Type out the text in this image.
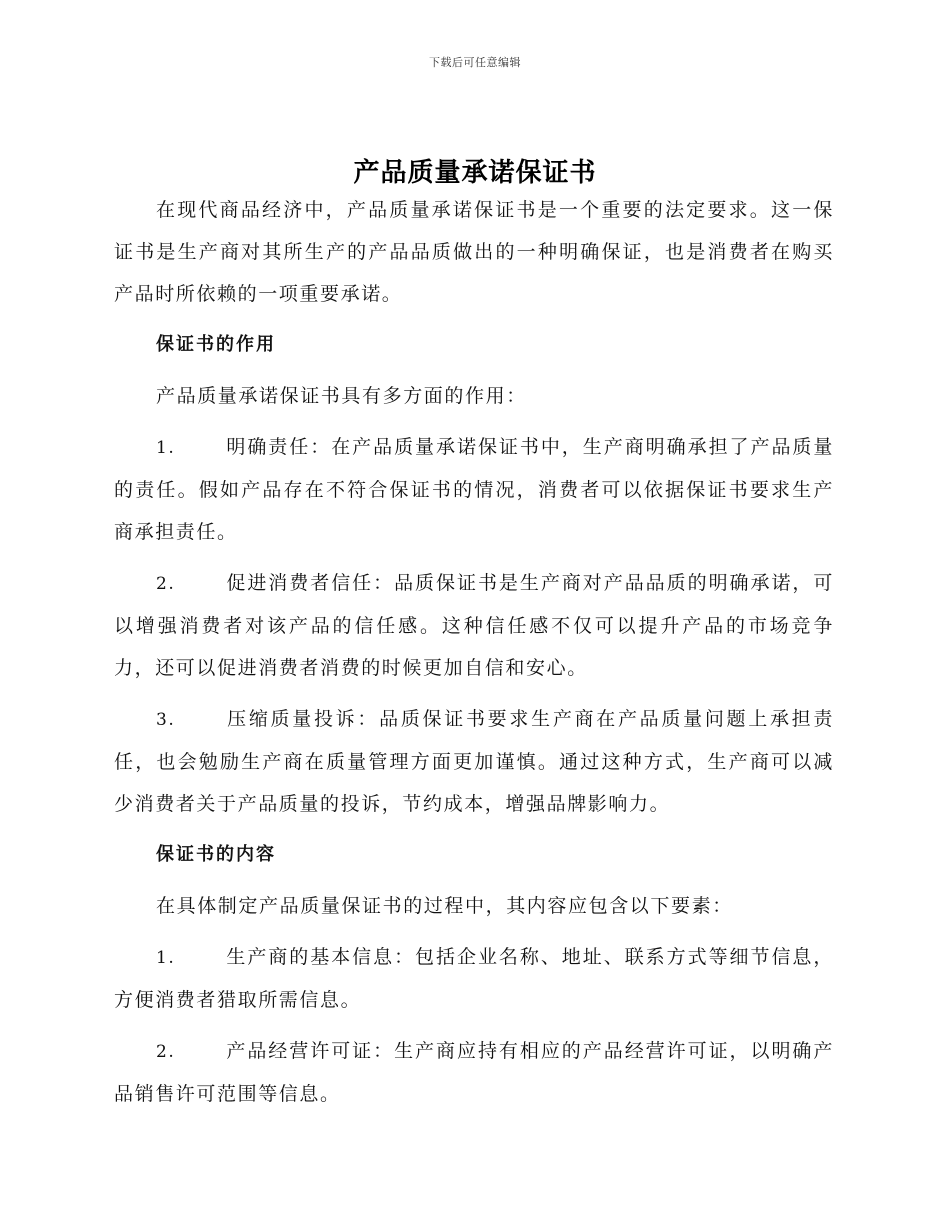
下载后可任意编辑
产品质量承诺保证书

在现代商品经济中，产品质量承诺保证书是一个重要的法定要求。这一保证书是生产商对其所生产的产品品质做出的一种明确保证，也是消费者在购买产品时所依赖的一项重要承诺。

保证书的作用

产品质量承诺保证书具有多方面的作用：

1.	明确责任：在产品质量承诺保证书中，生产商明确承担了产品质量的责任。假如产品存在不符合保证书的情况，消费者可以依据保证书要求生产商承担责任。

2.	促进消费者信任：品质保证书是生产商对产品品质的明确承诺，可以增强消费者对该产品的信任感。这种信任感不仅可以提升产品的市场竞争力，还可以促进消费者消费的时候更加自信和安心。

3.	压缩质量投诉：品质保证书要求生产商在产品质量问题上承担责任，也会勉励生产商在质量管理方面更加谨慎。通过这种方式，生产商可以减少消费者关于产品质量的投诉，节约成本，增强品牌影响力。

保证书的内容

在具体制定产品质量保证书的过程中，其内容应包含以下要素：

1.	生产商的基本信息：包括企业名称、地址、联系方式等细节信息，方便消费者猎取所需信息。

2.	产品经营许可证：生产商应持有相应的产品经营许可证，以明确产品销售许可范围等信息。
